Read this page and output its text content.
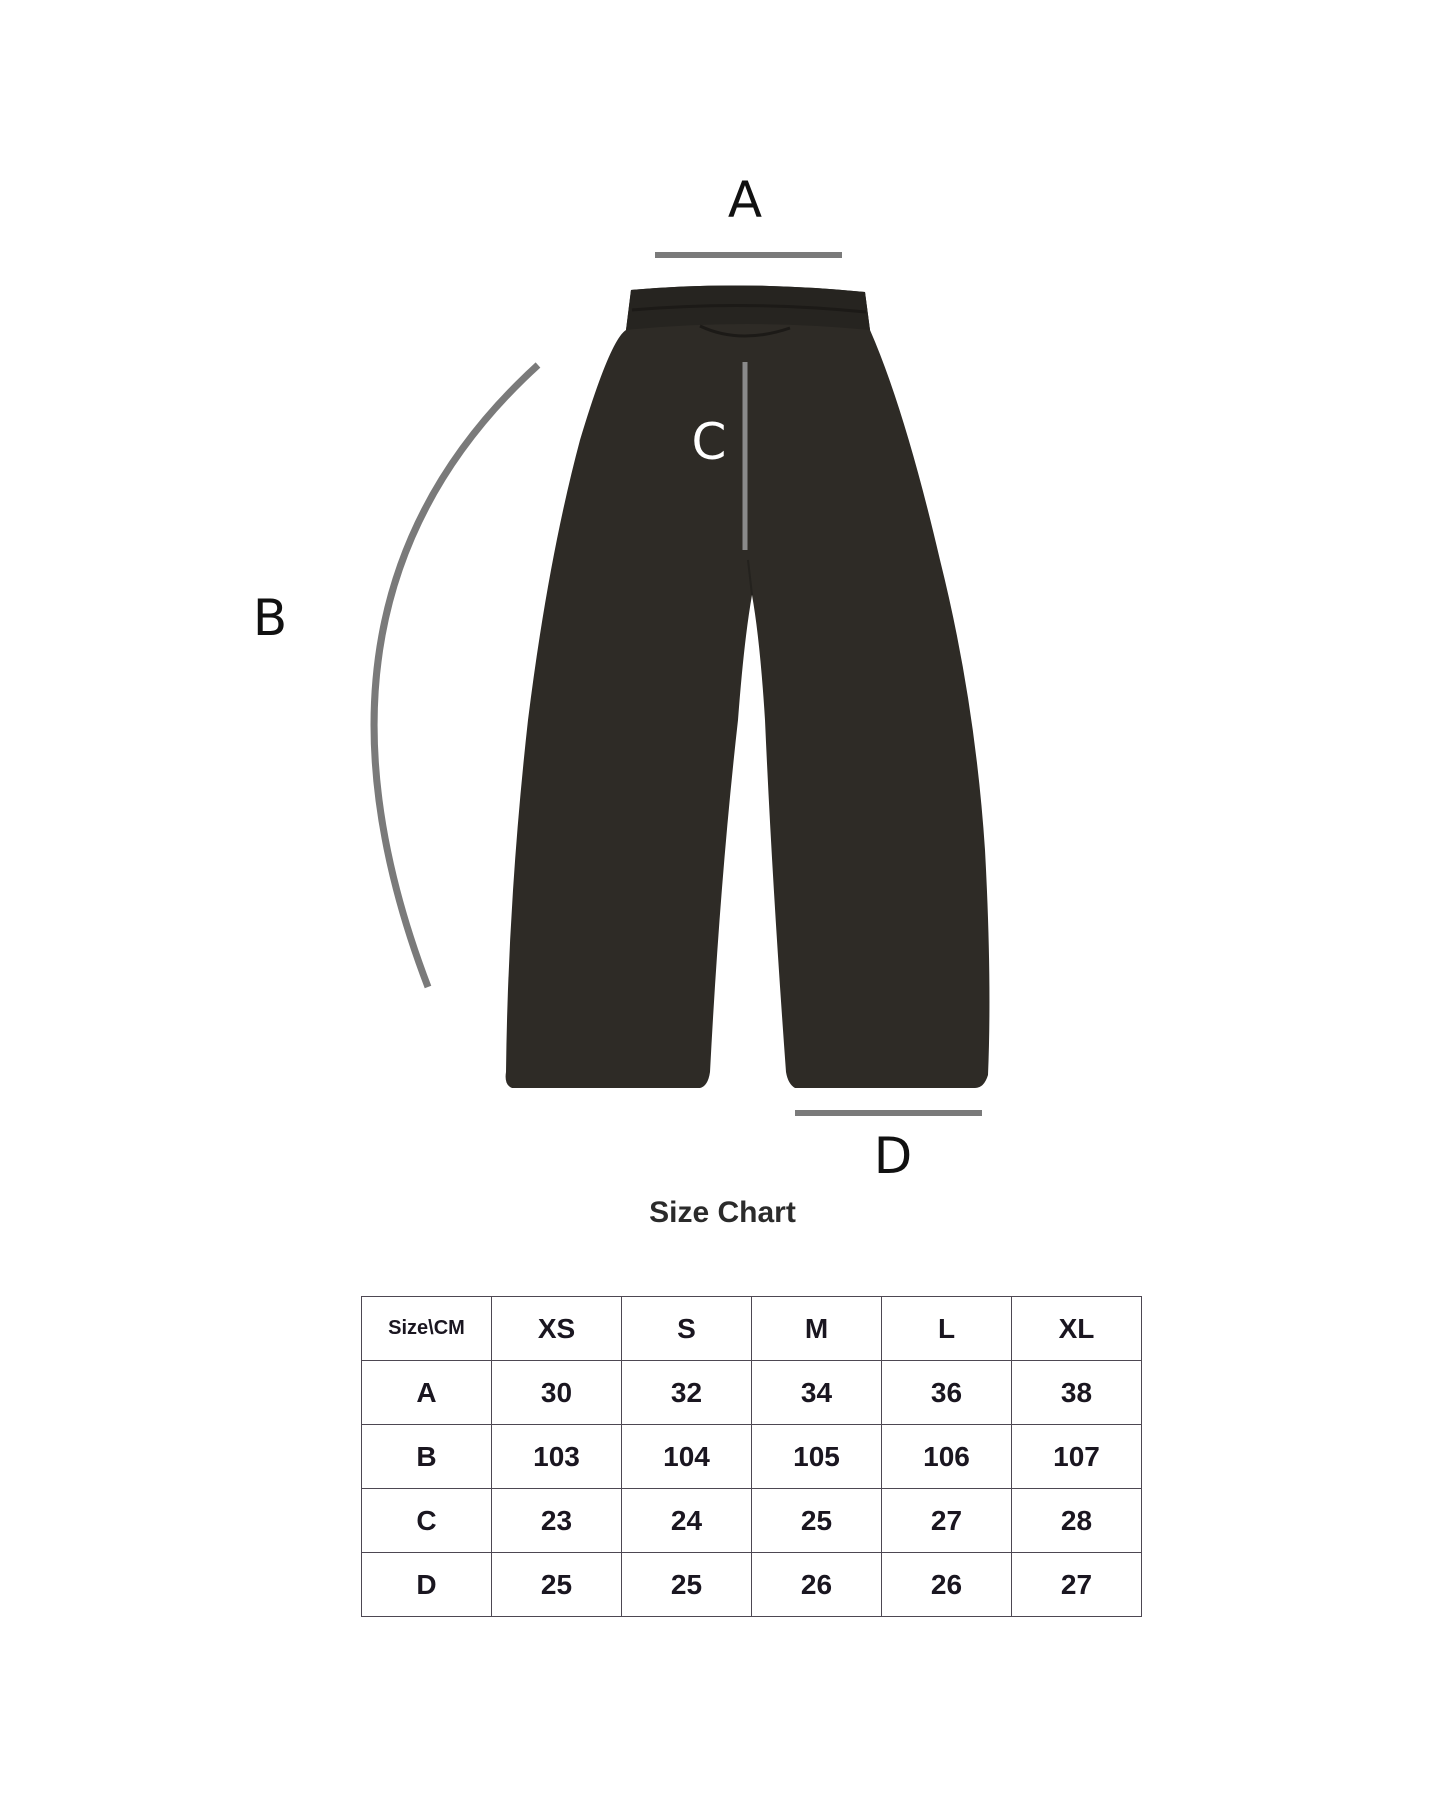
A
B
C
D
Size Chart
Size\CM	XS	S	M	L	XL
A	30	32	34	36	38
B	103	104	105	106	107
C	23	24	25	27	28
D	25	25	26	26	27
